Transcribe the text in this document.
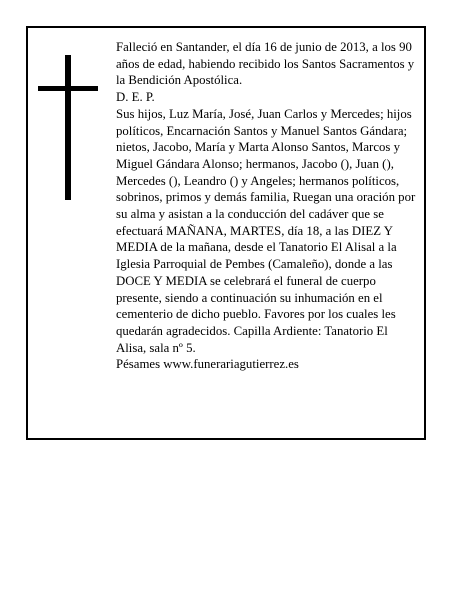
Falleció en Santander, el día 16 de junio de 2013, a los 90 años de edad, habiendo recibido los Santos Sacramentos y la Bendición Apostólica.

D. E. P.

Sus hijos, Luz María, José, Juan Carlos y Mercedes; hijos políticos, Encarnación Santos y Manuel Santos Gándara; nietos, Jacobo, María y Marta Alonso Santos, Marcos y Miguel Gándara Alonso; hermanos, Jacobo (), Juan (), Mercedes (), Leandro () y Angeles; hermanos políticos, sobrinos, primos y demás familia, Ruegan una oración por su alma y asistan a la conducción del cadáver que se efectuará MAÑANA, MARTES, día 18, a las DIEZ Y MEDIA de la mañana, desde el Tanatorio El Alisal a la Iglesia Parroquial de Pembes (Camaleño), donde a las DOCE Y MEDIA se celebrará el funeral de cuerpo presente, siendo a continuación su inhumación en el cementerio de dicho pueblo. Favores por los cuales les quedarán agradecidos. Capilla Ardiente: Tanatorio El Alisa, sala nº 5.

Pésames www.funerariagutierrez.es
